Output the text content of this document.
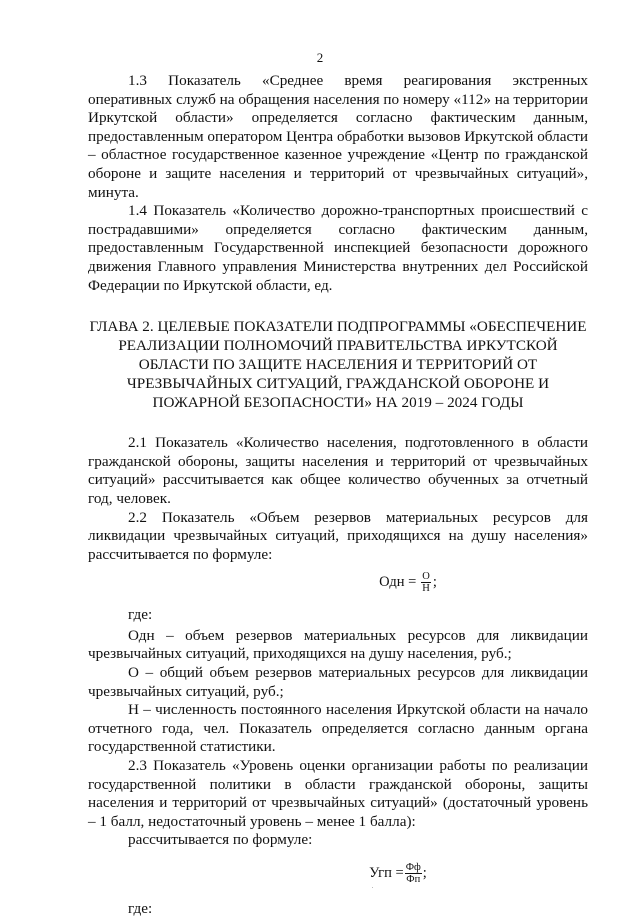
2

1.3 Показатель «Среднее время реагирования экстренных оперативных служб на обращения населения по номеру «112» на территории Иркутской области» определяется согласно фактическим данным, предоставленным оператором Центра обработки вызовов Иркутской области – областное государственное казенное учреждение «Центр по гражданской обороне и защите населения и территорий от чрезвычайных ситуаций», минута.

1.4 Показатель «Количество дорожно-транспортных происшествий с пострадавшими» определяется согласно фактическим данным, предоставленным Государственной инспекцией безопасности дорожного движения Главного управления Министерства внутренних дел Российской Федерации по Иркутской области, ед.

ГЛАВА 2. ЦЕЛЕВЫЕ ПОКАЗАТЕЛИ ПОДПРОГРАММЫ «ОБЕСПЕЧЕНИЕ РЕАЛИЗАЦИИ ПОЛНОМОЧИЙ ПРАВИТЕЛЬСТВА ИРКУТСКОЙ ОБЛАСТИ ПО ЗАЩИТЕ НАСЕЛЕНИЯ И ТЕРРИТОРИЙ ОТ ЧРЕЗВЫЧАЙНЫХ СИТУАЦИЙ, ГРАЖДАНСКОЙ ОБОРОНЕ И ПОЖАРНОЙ БЕЗОПАСНОСТИ» НА 2019 – 2024 ГОДЫ

2.1 Показатель «Количество населения, подготовленного в области гражданской обороны, защиты населения и территорий от чрезвычайных ситуаций» рассчитывается как общее количество обученных за отчетный год, человек.

2.2 Показатель «Объем резервов материальных ресурсов для ликвидации чрезвычайных ситуаций, приходящихся на душу населения» рассчитывается по формуле:

Одн = $\frac{О}{Н}$ ;

где:

Одн – объем резервов материальных ресурсов для ликвидации чрезвычайных ситуаций, приходящихся на душу населения, руб.;

О – общий объем резервов материальных ресурсов для ликвидации чрезвычайных ситуаций, руб.;

Н – численность постоянного населения Иркутской области на начало отчетного года, чел. Показатель определяется согласно данным органа государственной статистики.

2.3 Показатель «Уровень оценки организации работы по реализации государственной политики в области гражданской обороны, защиты населения и территорий от чрезвычайных ситуаций» (достаточный уровень – 1 балл, недостаточный уровень – менее 1 балла):

рассчитывается по формуле:

Угп = $\frac{Фф}{Фп}$ ;

где:
